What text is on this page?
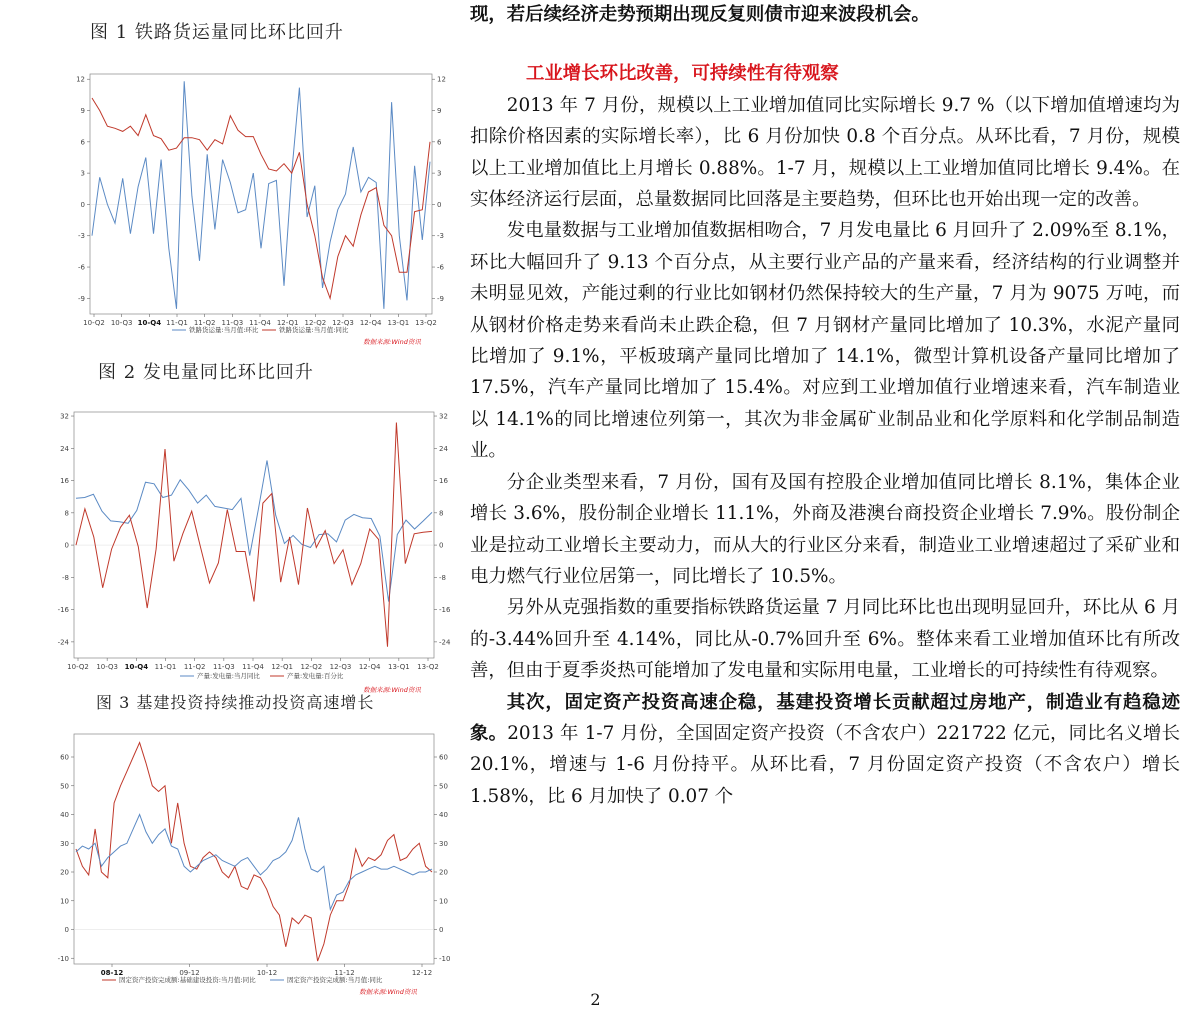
图 1 铁路货运量同比环比回升
-9	-9
-6	-6
-3	-3
0	0
3	3
6	6
9	9
12	12
10-Q2 10-Q3 10-Q4 11-Q1 11-Q2 11-Q3 11-Q4 12-Q1 12-Q2 12-Q3 12-Q4 13-Q1 13-Q2
铁路货运量:当月值:环比	铁路货运量:当月值:同比
数据来源:Wind资讯
图 2 发电量同比环比回升
-24	-24
-16	-16
-8	-8
0	0
8	8
16	16
24	24
32	32
10-Q2 10-Q3 10-Q4 11-Q1 11-Q2 11-Q3 11-Q4 12-Q1 12-Q2 12-Q3 12-Q4 13-Q1 13-Q2
产量:发电量:当月同比	产量:发电量:百分比
数据来源:Wind资讯
图 3 基建投资持续推动投资高速增长
-10	-10
0	0
10	10
20	20
30	30
40	40
50	50
60	60
08-12	09-12	10-12	11-12	12-12
固定资产投资完成额:基础建设投资:当月值:同比	固定资产投资完成额:当月值:同比
数据来源:Wind资讯

现，若后续经济走势预期出现反复则债市迎来波段机会。

工业增长环比改善，可持续性有待观察

2013 年 7 月份，规模以上工业增加值同比实际增长 9.7 %（以下增加值增速均为扣除价格因素的实际增长率），比 6 月份加快 0.8 个百分点。从环比看，7 月份，规模以上工业增加值比上月增长 0.88%。1-7 月，规模以上工业增加值同比增长 9.4%。在实体经济运行层面，总量数据同比回落是主要趋势，但环比也开始出现一定的改善。

发电量数据与工业增加值数据相吻合，7 月发电量比 6 月回升了 2.09%至 8.1%，环比大幅回升了 9.13 个百分点，从主要行业产品的产量来看，经济结构的行业调整并未明显见效，产能过剩的行业比如钢材仍然保持较大的生产量，7 月为 9075 万吨，而从钢材价格走势来看尚未止跌企稳，但 7 月钢材产量同比增加了 10.3%，水泥产量同比增加了 9.1%，平板玻璃产量同比增加了 14.1%，微型计算机设备产量同比增加了 17.5%，汽车产量同比增加了 15.4%。对应到工业增加值行业增速来看，汽车制造业以 14.1%的同比增速位列第一，其次为非金属矿业制品业和化学原料和化学制品制造业。

分企业类型来看，7 月份，国有及国有控股企业增加值同比增长 8.1%，集体企业增长 3.6%，股份制企业增长 11.1%，外商及港澳台商投资企业增长 7.9%。股份制企业是拉动工业增长主要动力，而从大的行业区分来看，制造业工业增速超过了采矿业和电力燃气行业位居第一，同比增长了 10.5%。

另外从克强指数的重要指标铁路货运量 7 月同比环比也出现明显回升，环比从 6 月的-3.44%回升至 4.14%，同比从-0.7%回升至 6%。整体来看工业增加值环比有所改善，但由于夏季炎热可能增加了发电量和实际用电量，工业增长的可持续性有待观察。

其次，固定资产投资高速企稳，基建投资增长贡献超过房地产，制造业有趋稳迹象。2013 年 1-7 月份，全国固定资产投资（不含农户）221722 亿元，同比名义增长 20.1%，增速与 1-6 月份持平。从环比看，7 月份固定资产投资（不含农户）增长 1.58%，比 6 月加快了 0.07 个

2
